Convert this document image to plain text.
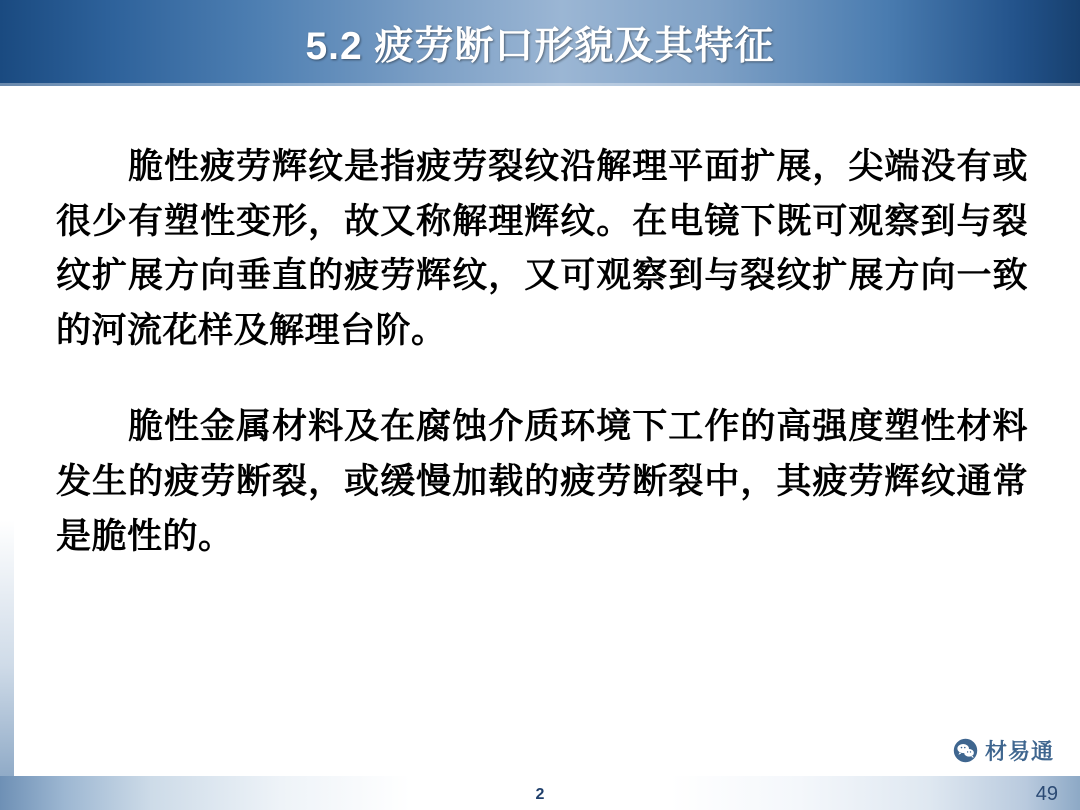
5.2 疲劳断口形貌及其特征

脆性疲劳辉纹是指疲劳裂纹沿解理平面扩展，尖端没有或很少有塑性变形，故又称解理辉纹。在电镜下既可观察到与裂纹扩展方向垂直的疲劳辉纹，又可观察到与裂纹扩展方向一致的河流花样及解理台阶。

脆性金属材料及在腐蚀介质环境下工作的高强度塑性材料发生的疲劳断裂，或缓慢加载的疲劳断裂中，其疲劳辉纹通常是脆性的。

材易通
2	49
